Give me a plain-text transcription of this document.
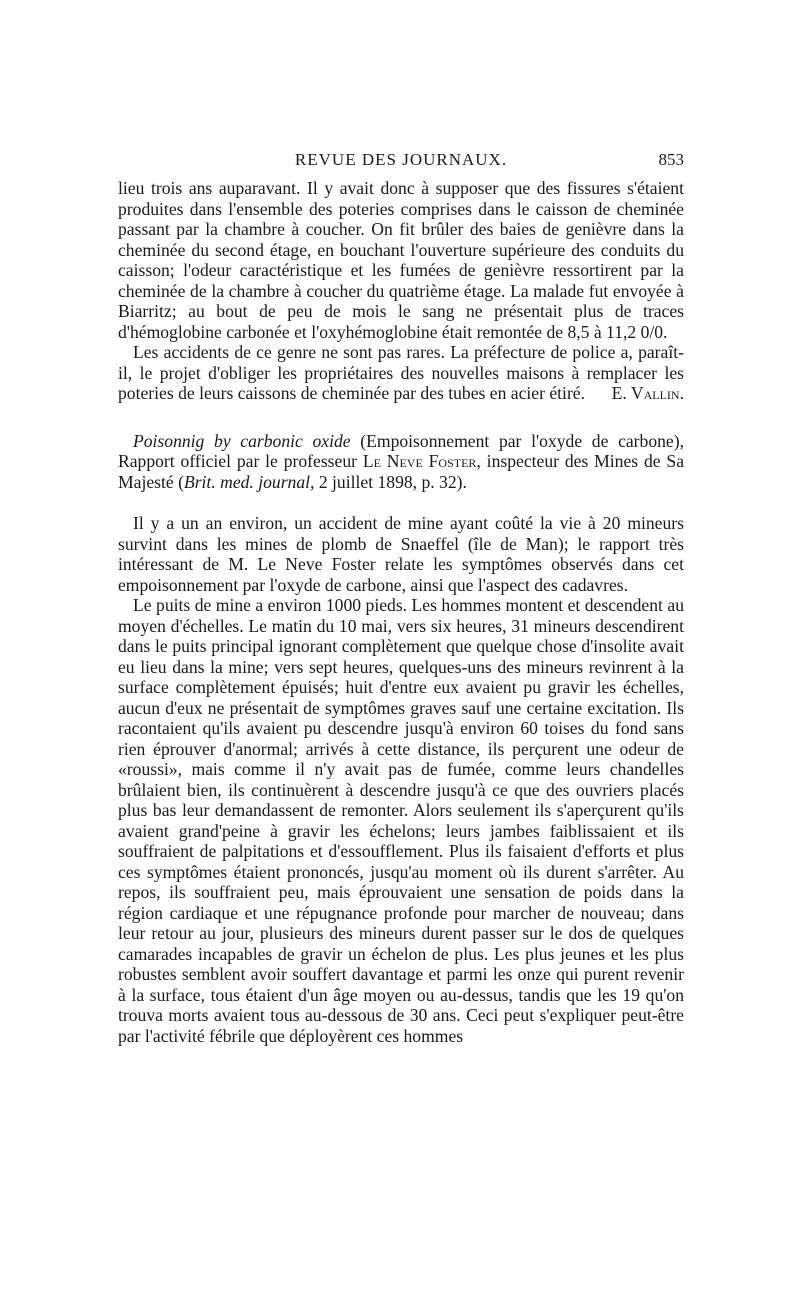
REVUE DES JOURNAUX.	853

lieu trois ans auparavant. Il y avait donc à supposer que des fissures s'étaient produites dans l'ensemble des poteries comprises dans le caisson de cheminée passant par la chambre à coucher. On fit brûler des baies de genièvre dans la cheminée du second étage, en bouchant l'ouverture supérieure des conduits du caisson; l'odeur caractéristique et les fumées de genièvre ressortirent par la cheminée de la chambre à coucher du quatrième étage. La malade fut envoyée à Biarritz; au bout de peu de mois le sang ne présentait plus de traces d'hémoglobine carbonée et l'oxyhémoglobine était remontée de 8,5 à 11,2 0/0.

Les accidents de ce genre ne sont pas rares. La préfecture de police a, paraît-il, le projet d'obliger les propriétaires des nouvelles maisons à remplacer les poteries de leurs caissons de cheminée par des tubes en acier étiré.	E. Vallin.

Poisonnig by carbonic oxide (Empoisonnement par l'oxyde de carbone), Rapport officiel par le professeur Le Neve Foster, inspecteur des Mines de Sa Majesté (Brit. med. journal, 2 juillet 1898, p. 32).

Il y a un an environ, un accident de mine ayant coûté la vie à 20 mineurs survint dans les mines de plomb de Snaeffel (île de Man); le rapport très intéressant de M. Le Neve Foster relate les symptômes observés dans cet empoisonnement par l'oxyde de carbone, ainsi que l'aspect des cadavres.

Le puits de mine a environ 1000 pieds. Les hommes montent et descendent au moyen d'échelles. Le matin du 10 mai, vers six heures, 31 mineurs descendirent dans le puits principal ignorant complètement que quelque chose d'insolite avait eu lieu dans la mine; vers sept heures, quelques-uns des mineurs revinrent à la surface complètement épuisés; huit d'entre eux avaient pu gravir les échelles, aucun d'eux ne présentait de symptômes graves sauf une certaine excitation. Ils racontaient qu'ils avaient pu descendre jusqu'à environ 60 toises du fond sans rien éprouver d'anormal; arrivés à cette distance, ils perçurent une odeur de «roussi», mais comme il n'y avait pas de fumée, comme leurs chandelles brûlaient bien, ils continuèrent à descendre jusqu'à ce que des ouvriers placés plus bas leur demandassent de remonter. Alors seulement ils s'aperçurent qu'ils avaient grand'peine à gravir les échelons; leurs jambes faiblissaient et ils souffraient de palpitations et d'essoufflement. Plus ils faisaient d'efforts et plus ces symptômes étaient prononcés, jusqu'au moment où ils durent s'arrêter. Au repos, ils souffraient peu, mais éprouvaient une sensation de poids dans la région cardiaque et une répugnance profonde pour marcher de nouveau; dans leur retour au jour, plusieurs des mineurs durent passer sur le dos de quelques camarades incapables de gravir un échelon de plus. Les plus jeunes et les plus robustes semblent avoir souffert davantage et parmi les onze qui purent revenir à la surface, tous étaient d'un âge moyen ou au-dessus, tandis que les 19 qu'on trouva morts avaient tous au-dessous de 30 ans. Ceci peut s'expliquer peut-être par l'activité fébrile que déployèrent ces hommes
